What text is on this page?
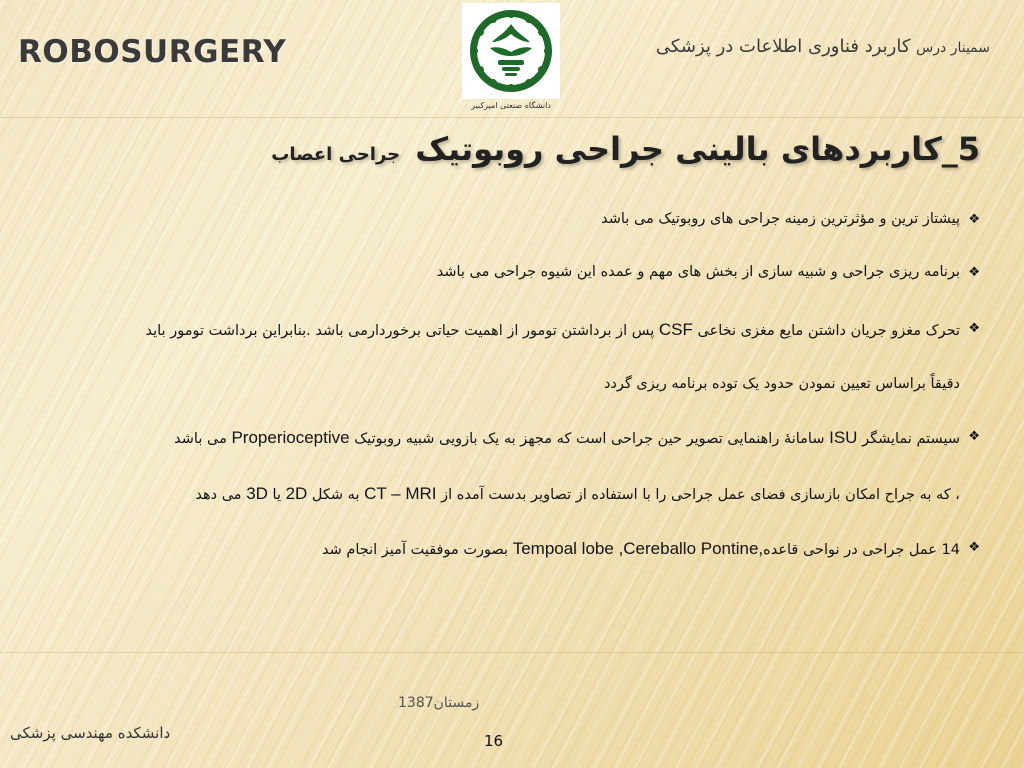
ROBOSURGERY	سمینار درس کاربرد فناوری اطلاعات در پزشکی
دانشگاه صنعتی امیرکبیر
5_کاربردهای بالینی جراحی روبوتیک جراحی اعصاب
❖
پیشتاز ترین و مؤثرترین زمینه جراحی های روبوتیک می باشد
❖
برنامه ریزی جراحی و شبیه سازی از بخش های مهم و عمده این شیوه جراحی می باشد
❖
تحرک مغزو جریان داشتن مایع مغزی نخاعی CSF پس از برداشتن تومور از اهمیت حیاتی برخوردارمی باشد .بنابراین برداشت تومور باید
دقیقاً براساس تعیین نمودن حدود یک توده برنامه ریزی گردد
❖
سیستم نمایشگر ISU سامانۀ راهنمایی تصویر حین جراحی است که مجهز به یک بازویی شبیه روبوتیک Properioceptive می باشد
، که به جراح امکان بازسازی فضای عمل جراحی را با استفاده از تصاویر بدست آمده از CT – MRI به شکل 2D یا 3D می دهد
❖
14 عمل جراحی در نواحی قاعده,Tempoal lobe ,Cereballo Pontine بصورت موفقیت آمیز انجام شد
زمستان1387
دانشکده مهندسی پزشکی	16
